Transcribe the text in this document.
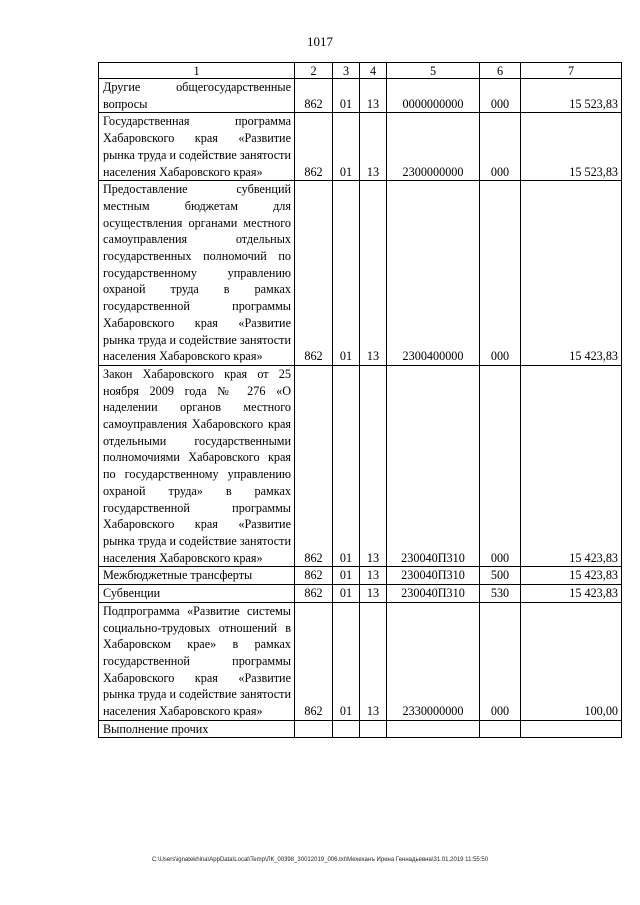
1017
1	2	3	4	5	6	7
Другие общегосударственные вопросы	862	01	13	0000000000	000	15 523,83
Государственная программа Хабаровского края «Развитие рынка труда и содействие занятости населения Хабаровского края»	862	01	13	2300000000	000	15 523,83
Предоставление субвенций местным бюджетам для осуществления органами местного самоуправления отдельных государственных полномочий по государственному управлению охраной труда в рамках государственной программы Хабаровского края «Развитие рынка труда и содействие занятости населения Хабаровского края»	862	01	13	2300400000	000	15 423,83
Закон Хабаровского края от 25 ноября 2009 года № 276 «О наделении органов местного самоуправления Хабаровского края отдельными государственными полномочиями Хабаровского края по государственному управлению охраной труда» в рамках государственной программы Хабаровского края «Развитие рынка труда и содействие занятости населения Хабаровского края»	862	01	13	230040П310	000	15 423,83
Межбюджетные трансферты	862	01	13	230040П310	500	15 423,83
Субвенции	862	01	13	230040П310	530	15 423,83
Подпрограмма «Развитие системы социально-трудовых отношений в Хабаровском крае» в рамках государственной программы Хабаровского края «Развитие рынка труда и содействие занятости населения Хабаровского края»	862	01	13	2330000000	000	100,00
Выполнение прочих						
C:\Users\ignatekhina\AppData\Local\Temp\ЛК_00398_30012019_006.txt\Мехеханъ Ирина Геннадьевна\31.01.2019 11:55:50
